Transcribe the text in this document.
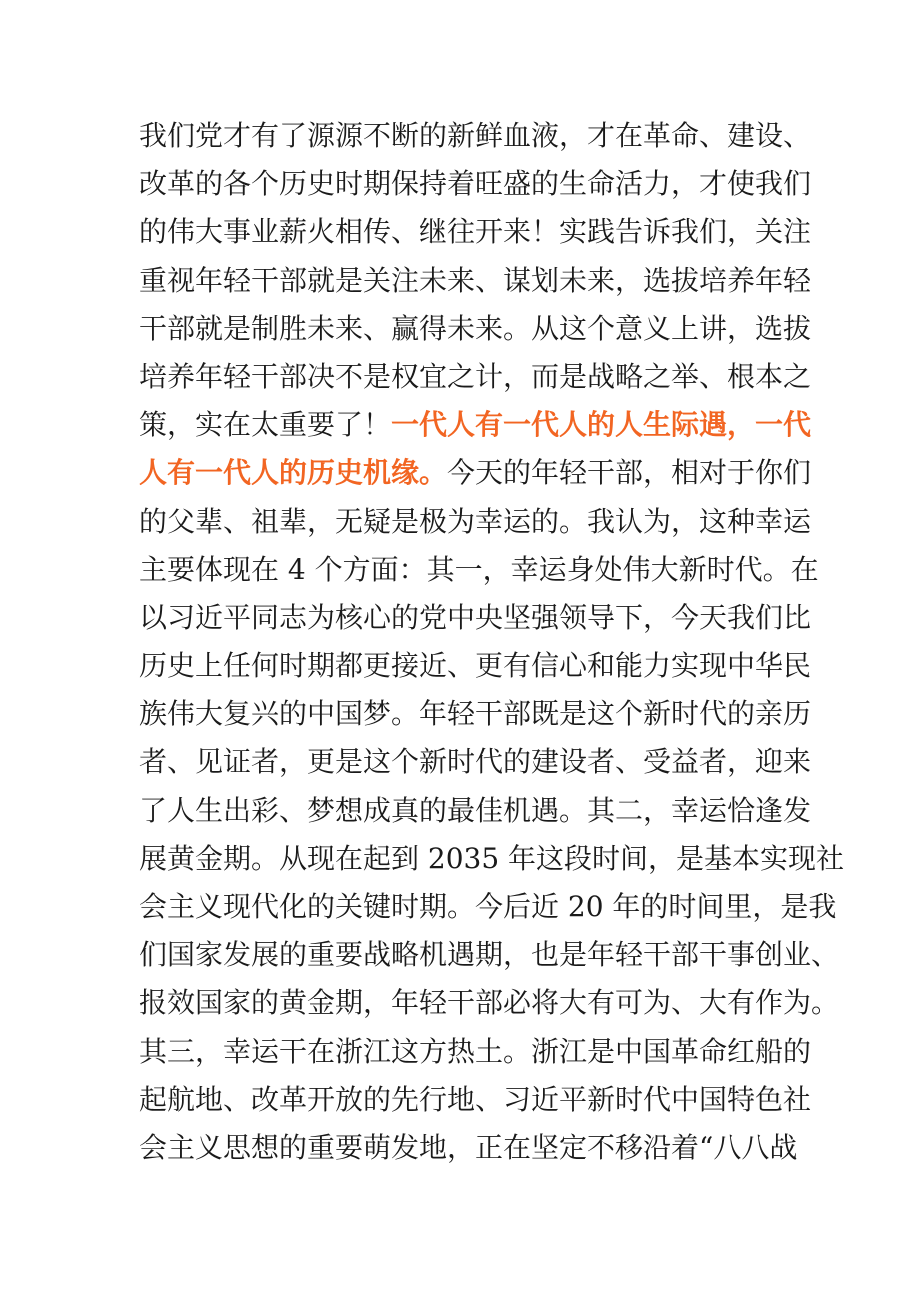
我们党才有了源源不断的新鲜血液，才在革命、建设、
改革的各个历史时期保持着旺盛的生命活力，才使我们
的伟大事业薪火相传、继往开来！实践告诉我们，关注
重视年轻干部就是关注未来、谋划未来，选拔培养年轻
干部就是制胜未来、赢得未来。从这个意义上讲，选拔
培养年轻干部决不是权宜之计，而是战略之举、根本之
策，实在太重要了！一代人有一代人的人生际遇，一代
人有一代人的历史机缘。今天的年轻干部，相对于你们
的父辈、祖辈，无疑是极为幸运的。我认为，这种幸运
主要体现在 4 个方面：其一，幸运身处伟大新时代。在
以习近平同志为核心的党中央坚强领导下，今天我们比
历史上任何时期都更接近、更有信心和能力实现中华民
族伟大复兴的中国梦。年轻干部既是这个新时代的亲历
者、见证者，更是这个新时代的建设者、受益者，迎来
了人生出彩、梦想成真的最佳机遇。其二，幸运恰逢发
展黄金期。从现在起到 2035 年这段时间，是基本实现社
会主义现代化的关键时期。今后近 20 年的时间里，是我
们国家发展的重要战略机遇期，也是年轻干部干事创业、
报效国家的黄金期，年轻干部必将大有可为、大有作为。
其三，幸运干在浙江这方热土。浙江是中国革命红船的
起航地、改革开放的先行地、习近平新时代中国特色社
会主义思想的重要萌发地，正在坚定不移沿着“八八战
